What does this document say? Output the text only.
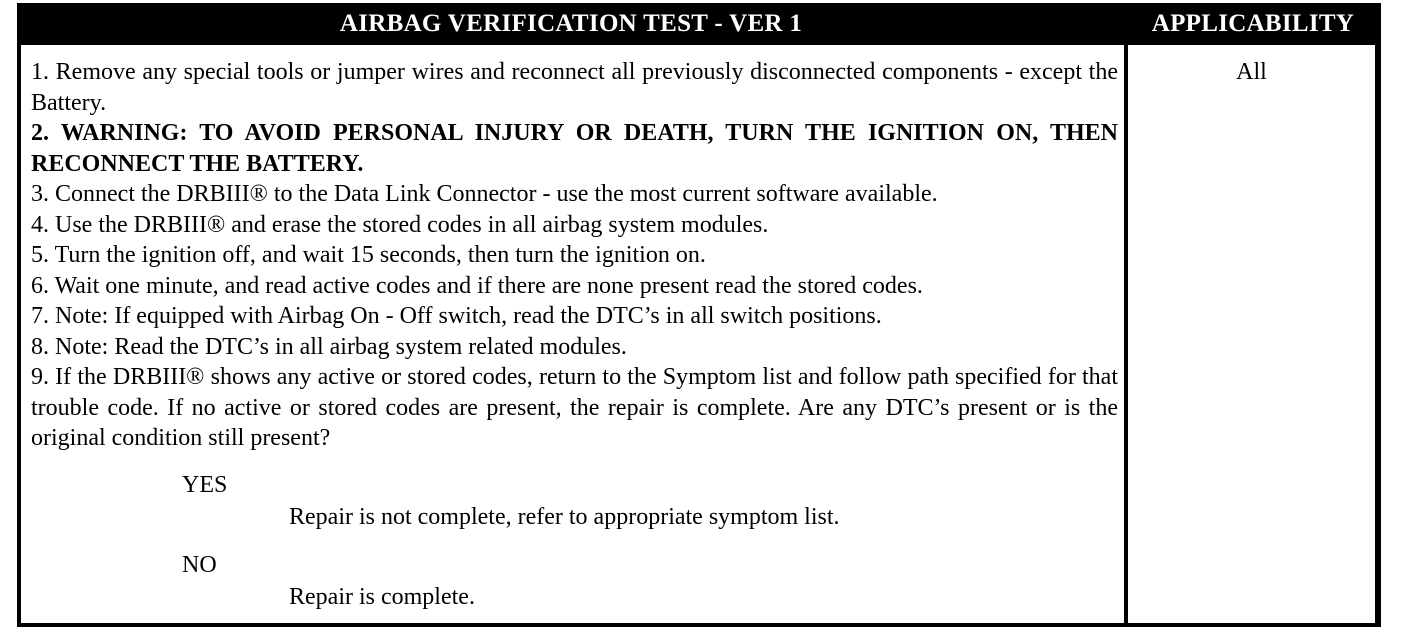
AIRBAG VERIFICATION TEST - VER 1	APPLICABILITY

1. Remove any special tools or jumper wires and reconnect all previously disconnected components - except the Battery.

2. WARNING: TO AVOID PERSONAL INJURY OR DEATH, TURN THE IGNITION ON, THEN RECONNECT THE BATTERY.

3. Connect the DRBIII® to the Data Link Connector - use the most current software available.

4. Use the DRBIII® and erase the stored codes in all airbag system modules.

5. Turn the ignition off, and wait 15 seconds, then turn the ignition on.

6. Wait one minute, and read active codes and if there are none present read the stored codes.

7. Note: If equipped with Airbag On - Off switch, read the DTC’s in all switch positions.

8. Note: Read the DTC’s in all airbag system related modules.

9. If the DRBIII® shows any active or stored codes, return to the Symptom list and follow path specified for that trouble code. If no active or stored codes are present, the repair is complete. Are any DTC’s present or is the original condition still present?

YES
Repair is not complete, refer to appropriate symptom list.
NO
Repair is complete.
All
